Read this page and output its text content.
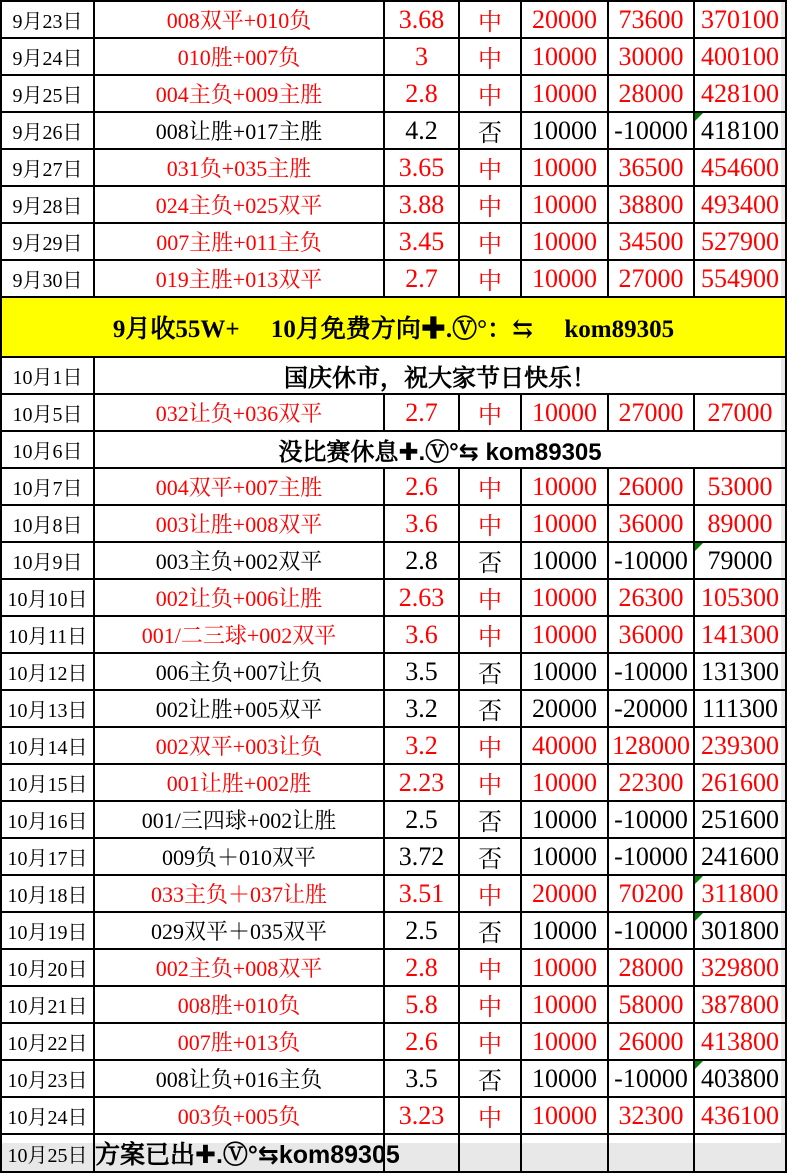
9月23日	008双平+010负	3.68	中	20000	73600	370100
9月24日	010胜+007负	3	中	10000	30000	400100
9月25日	004主负+009主胜	2.8	中	10000	28000	428100
9月26日	008让胜+017主胜	4.2	否	10000	-10000	418100
9月27日	031负+035主胜	3.65	中	10000	36500	454600
9月28日	024主负+025双平	3.88	中	10000	38800	493400
9月29日	007主胜+011主负	3.45	中	10000	34500	527900
9月30日	019主胜+013双平	2.7	中	10000	27000	554900
9月收55W+　 10月免费方向✚.Ⓥ°：⇆ 　kom89305						
10月1日	国庆休市，祝大家节日快乐！					
10月5日	032让负+036双平	2.7	中	10000	27000	27000
10月6日	没比赛休息✚.Ⓥ°⇆ kom89305					
10月7日	004双平+007主胜	2.6	中	10000	26000	53000
10月8日	003让胜+008双平	3.6	中	10000	36000	89000
10月9日	003主负+002双平	2.8	否	10000	-10000	79000
10月10日	002让负+006让胜	2.63	中	10000	26300	105300
10月11日	001/二三球+002双平	3.6	中	10000	36000	141300
10月12日	006主负+007让负	3.5	否	10000	-10000	131300
10月13日	002让胜+005双平	3.2	否	20000	-20000	111300
10月14日	002双平+003让负	3.2	中	40000	128000	239300
10月15日	001让胜+002胜	2.23	中	10000	22300	261600
10月16日	001/三四球+002让胜	2.5	否	10000	-10000	251600
10月17日	009负＋010双平	3.72	否	10000	-10000	241600
10月18日	033主负＋037让胜	3.51	中	20000	70200	311800
10月19日	029双平＋035双平	2.5	否	10000	-10000	301800
10月20日	002主负+008双平	2.8	中	10000	28000	329800
10月21日	008胜+010负	5.8	中	10000	58000	387800
10月22日	007胜+013负	2.6	中	10000	26000	413800
10月23日	008让负+016主负	3.5	否	10000	-10000	403800
10月24日	003负+005负	3.23	中	10000	32300	436100
10月25日	方案已出✚.Ⓥ°⇆kom89305					
